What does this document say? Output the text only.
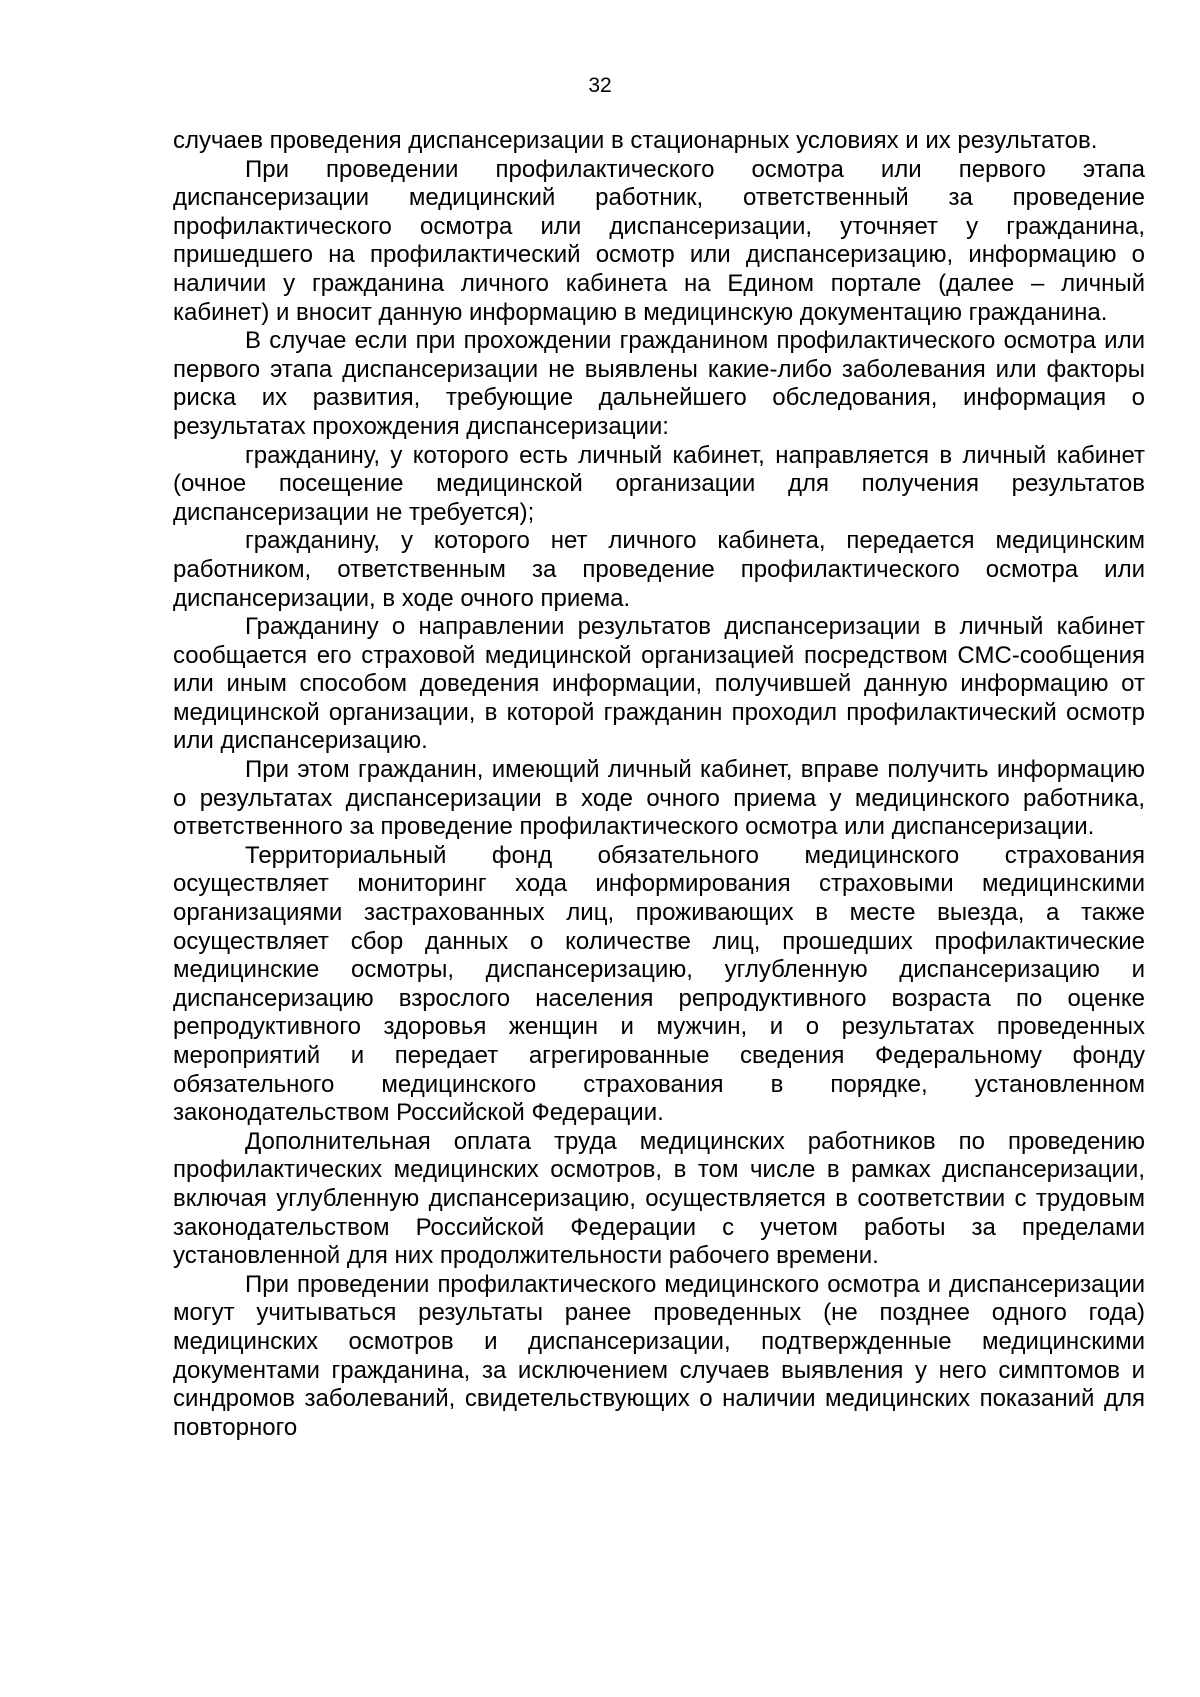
32

случаев проведения диспансеризации в стационарных условиях и их результатов.

При проведении профилактического осмотра или первого этапа диспансеризации медицинский работник, ответственный за проведение профилактического осмотра или диспансеризации, уточняет у гражданина, пришедшего на профилактический осмотр или диспансеризацию, информацию о наличии у гражданина личного кабинета на Едином портале (далее – личный кабинет) и вносит данную информацию в медицинскую документацию гражданина.

В случае если при прохождении гражданином профилактического осмотра или первого этапа диспансеризации не выявлены какие-либо заболевания или факторы риска их развития, требующие дальнейшего обследования, информация о результатах прохождения диспансеризации:

гражданину, у которого есть личный кабинет, направляется в личный кабинет (очное посещение медицинской организации для получения результатов диспансеризации не требуется);

гражданину, у которого нет личного кабинета, передается медицинским работником, ответственным за проведение профилактического осмотра или диспансеризации, в ходе очного приема.

Гражданину о направлении результатов диспансеризации в личный кабинет сообщается его страховой медицинской организацией посредством СМС-сообщения или иным способом доведения информации, получившей данную информацию от медицинской организации, в которой гражданин проходил профилактический осмотр или диспансеризацию.

При этом гражданин, имеющий личный кабинет, вправе получить информацию о результатах диспансеризации в ходе очного приема у медицинского работника, ответственного за проведение профилактического осмотра или диспансеризации.

Территориальный фонд обязательного медицинского страхования осуществляет мониторинг хода информирования страховыми медицинскими организациями застрахованных лиц, проживающих в месте выезда, а также осуществляет сбор данных о количестве лиц, прошедших профилактические медицинские осмотры, диспансеризацию, углубленную диспансеризацию и диспансеризацию взрослого населения репродуктивного возраста по оценке репродуктивного здоровья женщин и мужчин, и о результатах проведенных мероприятий и передает агрегированные сведения Федеральному фонду обязательного медицинского страхования в порядке, установленном законодательством Российской Федерации.

Дополнительная оплата труда медицинских работников по проведению профилактических медицинских осмотров, в том числе в рамках диспансеризации, включая углубленную диспансеризацию, осуществляется в соответствии с трудовым законодательством Российской Федерации с учетом работы за пределами установленной для них продолжительности рабочего времени.

При проведении профилактического медицинского осмотра и диспансеризации могут учитываться результаты ранее проведенных (не позднее одного года) медицинских осмотров и диспансеризации, подтвержденные медицинскими документами гражданина, за исключением случаев выявления у него симптомов и синдромов заболеваний, свидетельствующих о наличии медицинских показаний для повторного
